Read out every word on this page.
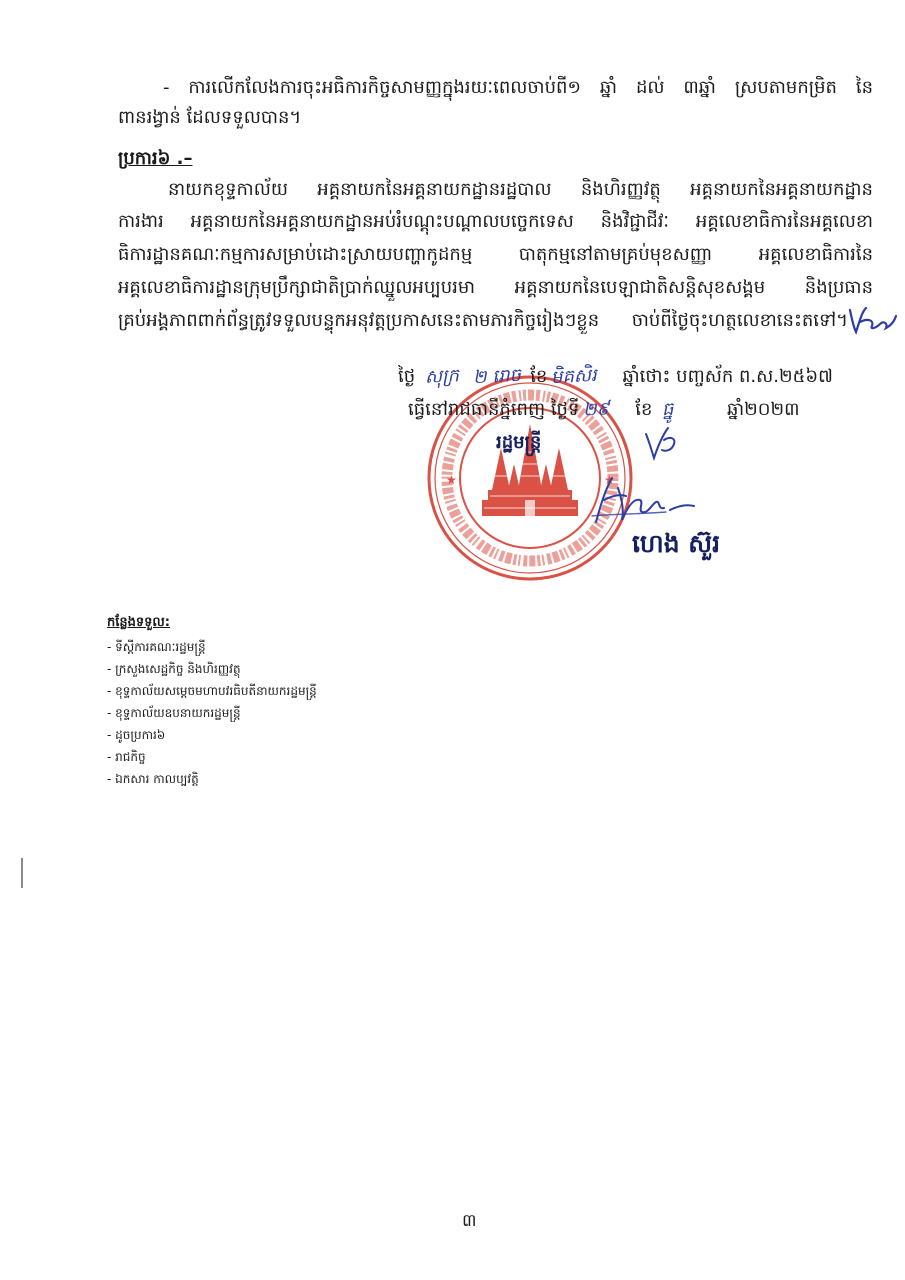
- ការលើកលែងការចុះអធិការកិច្ចសាមញ្ញក្នុងរយៈពេលចាប់ពី១ ឆ្នាំ ដល់ ៣ឆ្នាំ ស្របតាមកម្រិត នៃ
ពានរង្វាន់ ដែលទទួលបាន។
ប្រការ៦ .–
នាយកខុទ្ទកាល័យ អគ្គនាយកនៃអគ្គនាយកដ្ឋានរដ្ឋបាល និងហិរញ្ញវត្ថុ អគ្គនាយកនៃអគ្គនាយកដ្ឋាន
ការងារ អគ្គនាយកនៃអគ្គនាយកដ្ឋានអប់រំបណ្តុះបណ្តាលបច្ចេកទេស និងវិជ្ជាជីវៈ អគ្គលេខាធិការនៃអគ្គលេខា
ធិការដ្ឋានគណៈកម្មការសម្រាប់ដោះស្រាយបញ្ហាកូដកម្ម បាតុកម្មនៅតាមគ្រប់មុខសញ្ញា អគ្គលេខាធិការនៃ
អគ្គលេខាធិការដ្ឋានក្រុមប្រឹក្សាជាតិប្រាក់ឈ្នួលអប្បបរមា អគ្គនាយកនៃបេឡាជាតិសន្តិសុខសង្គម និងប្រធាន
គ្រប់អង្គភាពពាក់ព័ន្ធត្រូវទទួលបន្ទុកអនុវត្តប្រកាសនេះតាមភារកិច្ចរៀងៗខ្លួន ចាប់ពីថ្ងៃចុះហត្ថលេខានេះតទៅ។
★	★
ថ្ងៃ សុក្រ ២ រោច ខែ មិគសិរ ឆ្នាំថោះ បញ្ចស័ក ព.ស.២៥៦៧
ធ្វើនៅរាជធានីភ្នំពេញ ថ្ងៃទី ២៩ ខែ ធ្នូ	ឆ្នាំ២០២៣
រដ្ឋមន្ត្រី
ហេង ស៊ួរ
កន្លែងទទួល:
- ទីស្តីការគណៈរដ្ឋមន្ត្រី
- ក្រសួងសេដ្ឋកិច្ច និងហិរញ្ញវត្ថុ
- ខុទ្ទកាល័យសម្តេចមហាបវរធិបតីនាយករដ្ឋមន្ត្រី
- ខុទ្ទកាល័យឧបនាយករដ្ឋមន្ត្រី
- ដូចប្រការ៦
- រាជកិច្ច
- ឯកសារ កាលប្បវត្តិ
៣
